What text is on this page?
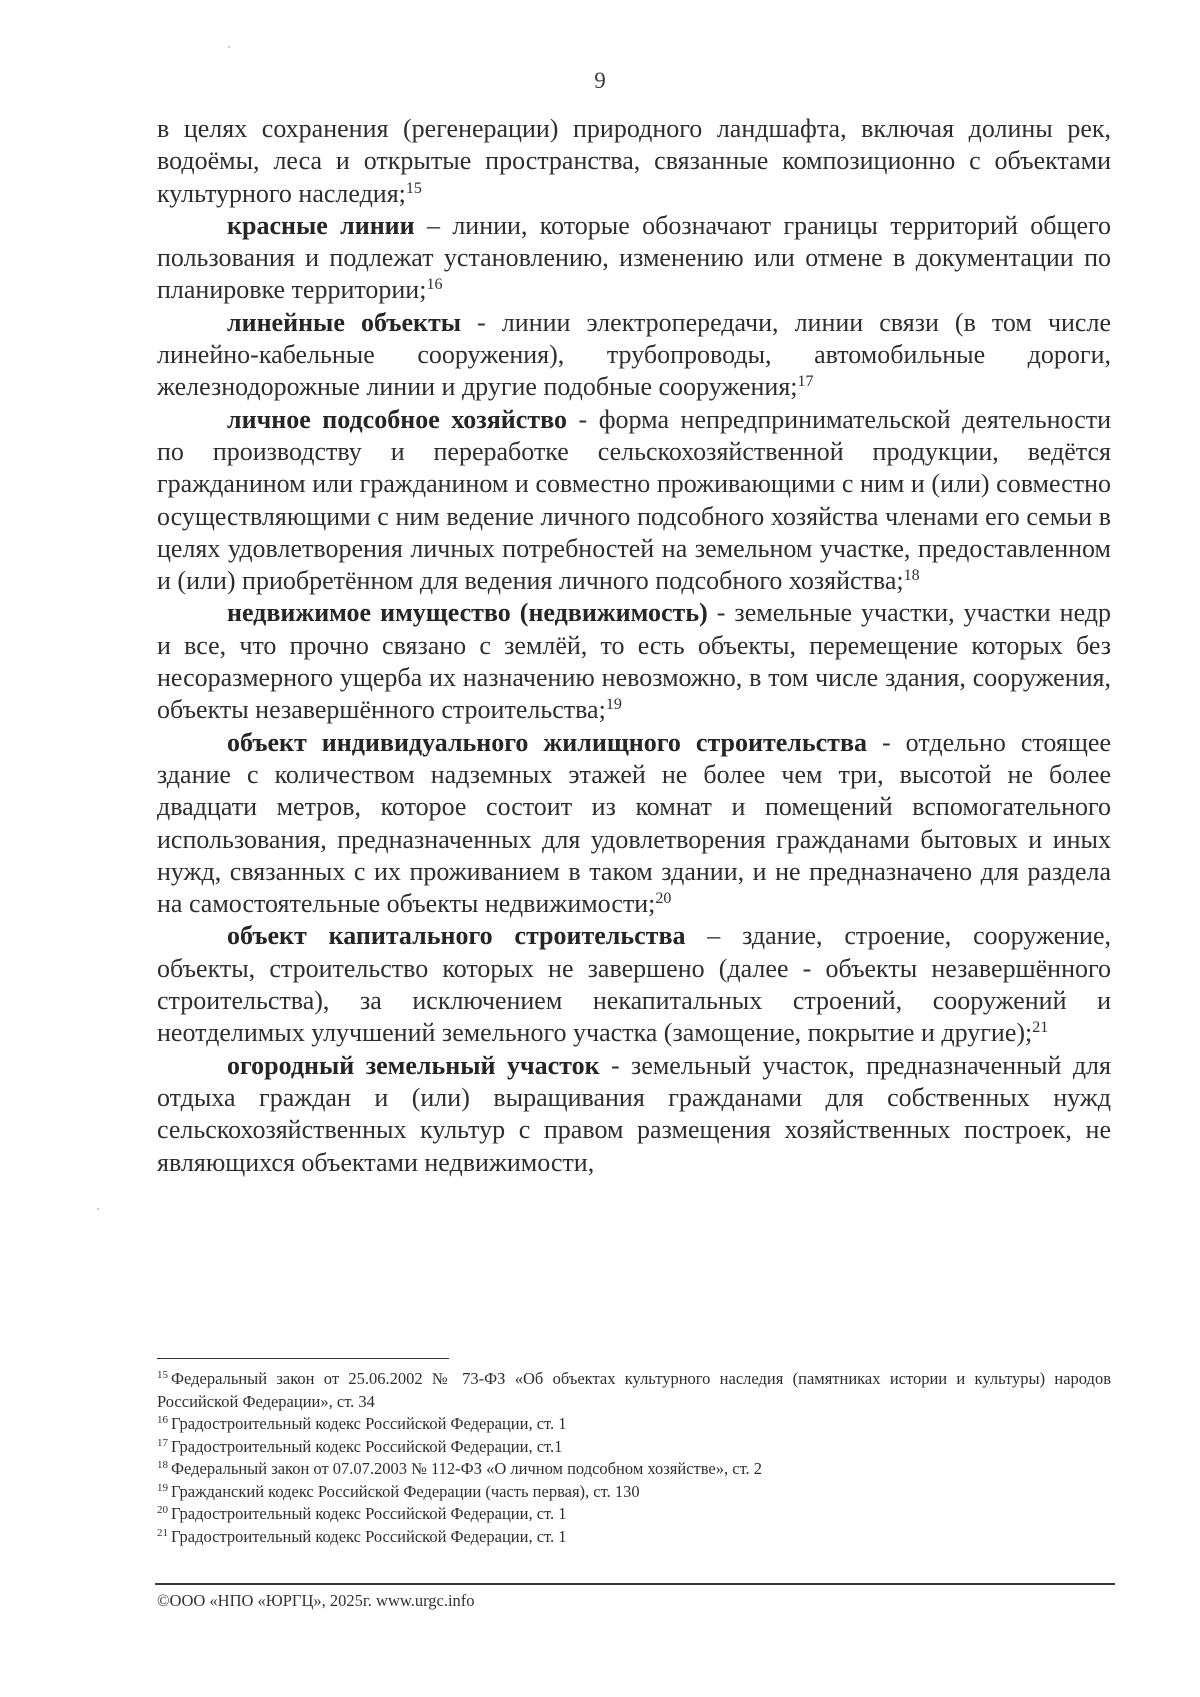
9

в целях сохранения (регенерации) природного ландшафта, включая долины рек, водоёмы, леса и открытые пространства, связанные композиционно с объектами культурного наследия;$^{15}$

красные линии – линии, которые обозначают границы территорий общего пользования и подлежат установлению, изменению или отмене в документации по планировке территории;$^{16}$

линейные объекты - линии электропередачи, линии связи (в том числе линейно-кабельные сооружения), трубопроводы, автомобильные дороги, железнодорожные линии и другие подобные сооружения;$^{17}$

личное подсобное хозяйство - форма непредпринимательской деятельности по производству и переработке сельскохозяйственной продукции, ведётся гражданином или гражданином и совместно проживающими с ним и (или) совместно осуществляющими с ним ведение личного подсобного хозяйства членами его семьи в целях удовлетворения личных потребностей на земельном участке, предоставленном и (или) приобретённом для ведения личного подсобного хозяйства;$^{18}$

недвижимое имущество (недвижимость) - земельные участки, участки недр и все, что прочно связано с землёй, то есть объекты, перемещение которых без несоразмерного ущерба их назначению невозможно, в том числе здания, сооружения, объекты незавершённого строительства;$^{19}$

объект индивидуального жилищного строительства - отдельно стоящее здание с количеством надземных этажей не более чем три, высотой не более двадцати метров, которое состоит из комнат и помещений вспомогательного использования, предназначенных для удовлетворения гражданами бытовых и иных нужд, связанных с их проживанием в таком здании, и не предназначено для раздела на самостоятельные объекты недвижимости;$^{20}$

объект капитального строительства – здание, строение, сооружение, объекты, строительство которых не завершено (далее - объекты незавершённого строительства), за исключением некапитальных строений, сооружений и неотделимых улучшений земельного участка (замощение, покрытие и другие);$^{21}$

огородный земельный участок - земельный участок, предназначенный для отдыха граждан и (или) выращивания гражданами для собственных нужд сельскохозяйственных культур с правом размещения хозяйственных построек, не являющихся объектами недвижимости,

$^{15}$ Федеральный закон от 25.06.2002 № 73-ФЗ «Об объектах культурного наследия (памятниках истории и культуры) народов Российской Федерации», ст. 34

$^{16}$ Градостроительный кодекс Российской Федерации, ст. 1

$^{17}$ Градостроительный кодекс Российской Федерации, ст.1

$^{18}$ Федеральный закон от 07.07.2003 № 112-ФЗ «О личном подсобном хозяйстве», ст. 2

$^{19}$ Гражданский кодекс Российской Федерации (часть первая), ст. 130

$^{20}$ Градостроительный кодекс Российской Федерации, ст. 1

$^{21}$ Градостроительный кодекс Российской Федерации, ст. 1

©ООО «НПО «ЮРГЦ», 2025г. www.urgc.info
